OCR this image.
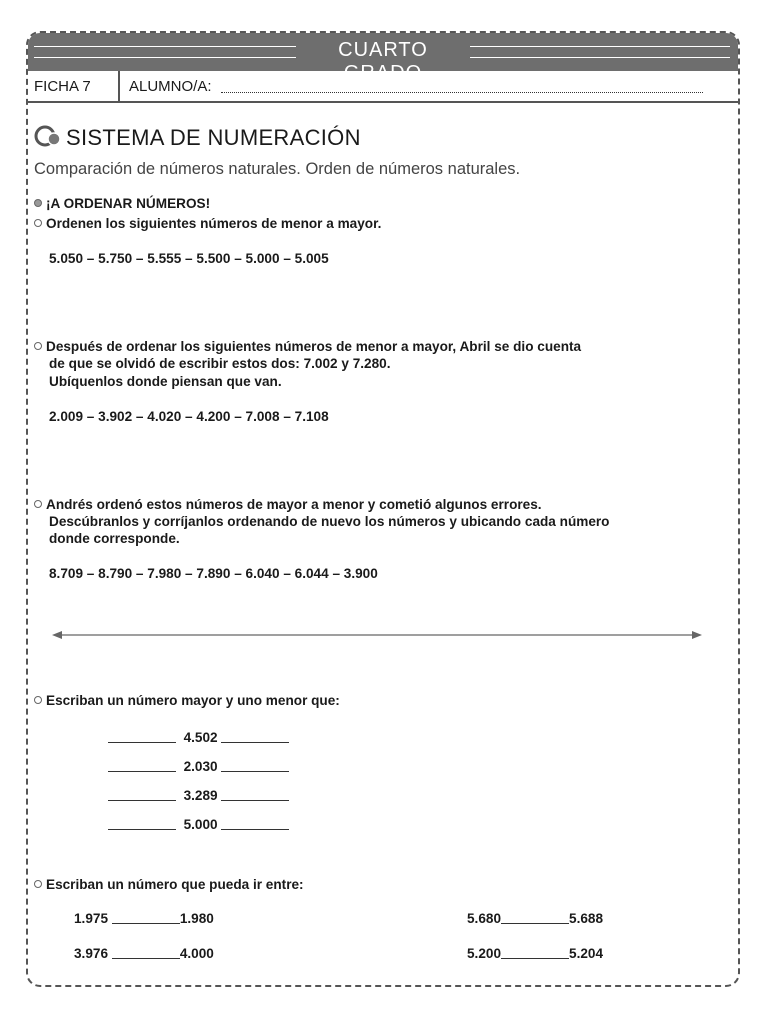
CUARTO GRADO
FICHA 7	ALUMNO/A:
SISTEMA DE NUMERACIÓN
Comparación de números naturales. Orden de números naturales.
¡A ORDENAR NÚMEROS!
Ordenen los siguientes números de menor a mayor.
5.050 – 5.750 – 5.555 – 5.500 – 5.000 – 5.005
Después de ordenar los siguientes números de menor a mayor, Abril se dio cuenta
de que se olvidó de escribir estos dos: 7.002 y 7.280.
Ubíquenlos donde piensan que van.
2.009 – 3.902 – 4.020 – 4.200 – 7.008 – 7.108
Andrés ordenó estos números de mayor a menor y cometió algunos errores.
Descúbranlos y corríjanlos ordenando de nuevo los números y ubicando cada número
donde corresponde.
8.709 – 8.790 – 7.980 – 7.890 – 6.040 – 6.044 – 3.900
Escriban un número mayor y uno menor que:
4.502
2.030
3.289
5.000
Escriban un número que pueda ir entre:
1.975	1.980
3.976	4.000
5.680	5.688
5.200	5.204
